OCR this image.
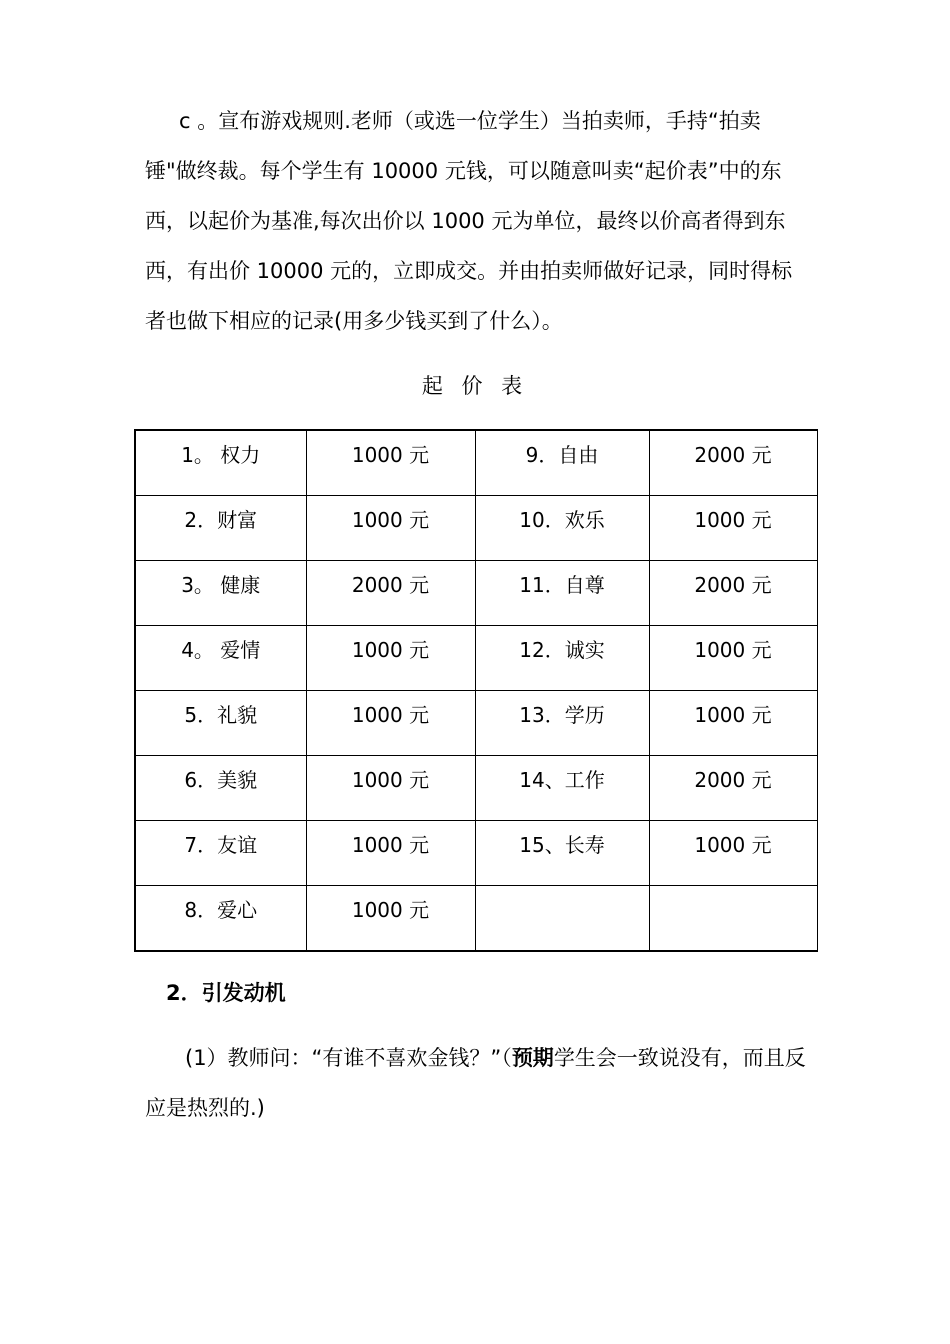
c 。宣布游戏规则.老师（或选一位学生）当拍卖师，手持“拍卖锤"做终裁。每个学生有 10000 元钱，可以随意叫卖“起价表”中的东西，以起价为基准,每次出价以 1000 元为单位，最终以价高者得到东西，有出价 10000 元的，立即成交。并由拍卖师做好记录，同时得标者也做下相应的记录(用多少钱买到了什么）。

起 价 表
1。 权力	1000 元	9．自由	2000 元

2．财富	1000 元	10．欢乐	1000 元

3。 健康	2000 元	11．自尊	2000 元

4。 爱情	1000 元	12．诚实	1000 元

5．礼貌	1000 元	13．学历	1000 元

6．美貌	1000 元	14、工作	2000 元

7．友谊	1000 元	15、长寿	1000 元

8．爱心	1000 元		

2．引发动机

(1）教师问：“有谁不喜欢金钱？”（预期学生会一致说没有，而且反应是热烈的.)
